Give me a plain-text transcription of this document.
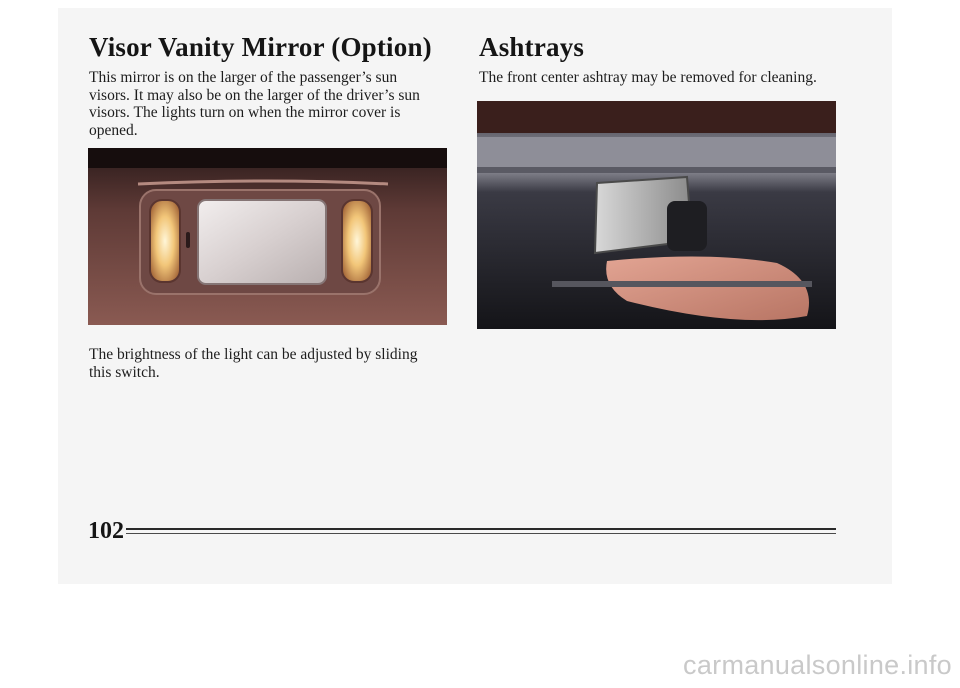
Visor Vanity Mirror (Option)

This mirror is on the larger of the passenger’s sun visors. It may also be on the larger of the driver’s sun visors. The lights turn on when the mirror cover is opened.

The brightness of the light can be adjusted by sliding this switch.

Ashtrays

The front center ashtray may be removed for cleaning.

102
carmanualsonline.info
